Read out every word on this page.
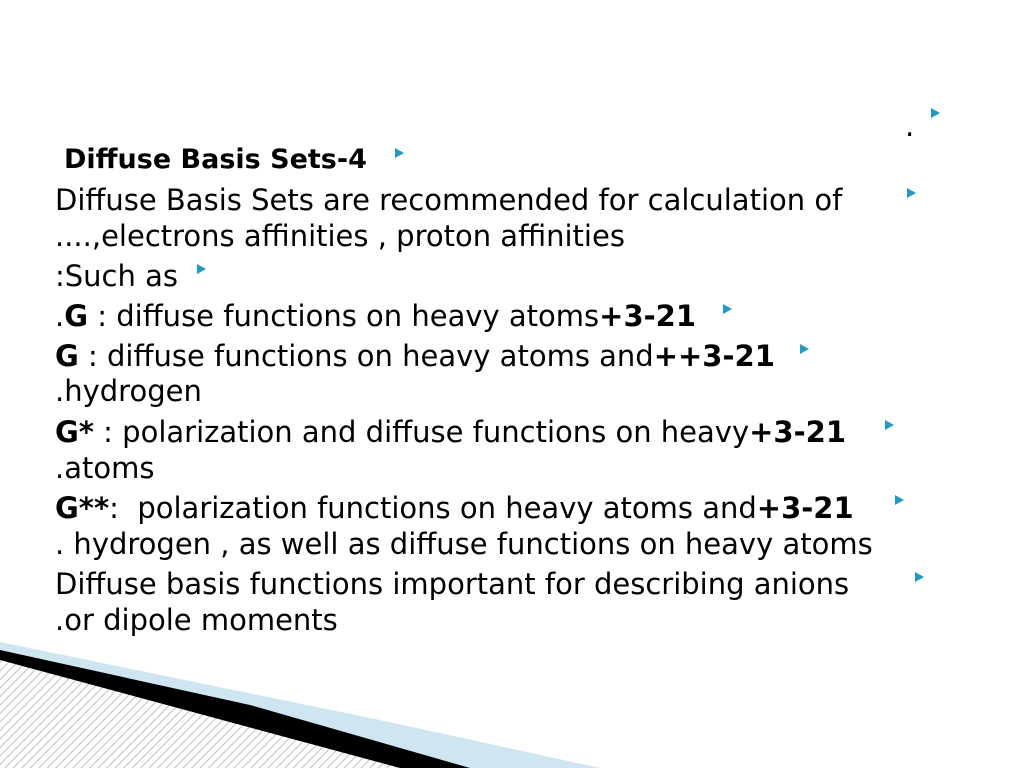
.
Diffuse Basis Sets-4
Diffuse Basis Sets are recommended for calculation of
....,electrons affinities , proton affinities
:Such as
.G : diffuse functions on heavy atoms+3-21
G : diffuse functions on heavy atoms and++3-21
.hydrogen
G* : polarization and diffuse functions on heavy+3-21
.atoms
G**:  polarization functions on heavy atoms and+3-21
. hydrogen , as well as diffuse functions on heavy atoms
Diffuse basis functions important for describing anions
.or dipole moments
